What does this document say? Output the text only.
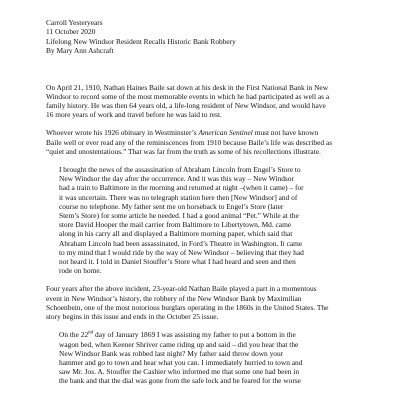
Carroll Yesteryears

11 October 2020

Lifelong New Windsor Resident Recalls Historic Bank Robbery

By Mary Ann Ashcraft

On April 21, 1910, Nathan Haines Baile sat down at his desk in the First National Bank in New
Windsor to record some of the most memorable events in which he had participated as well as a
family history. He was then 64 years old, a life-long resident of New Windsor, and would have
16 more years of work and travel before he was laid to rest.
Whoever wrote his 1926 obituary in Westminster’s American Sentinel must not have known
Baile well or ever read any of the reminiscences from 1910 because Baile’s life was described as
“quiet and unostentatious.” That was far from the truth as some of his recollections illustrate.
I brought the news of the assassination of Abraham Lincoln from Engel’s Store to
New Windsor the day after the occurrence. And it was this way – New Windsor
had a train to Baltimore in the morning and returned at night –(when it came) – for
it was uncertain. There was no telegraph station here then [New Windsor] and of
course no telephone. My father sent me on horseback to Engel’s Store (later
Stem’s Store) for some article he needed. I had a good animal “Pet.” While at the
store David Hooper the mail carrier from Baltimore to Libertytown, Md. came
along in his carry all and displayed a Baltimore morning paper, which said that
Abraham Lincoln had been assassinated, in Ford’s Theatre in Washington. It came
to my mind that I would ride by the way of New Windsor – believing that they had
not heard it. I told in Daniel Stouffer’s Store what I had heard and seen and then
rode on home.
Four years after the above incident, 23-year-old Nathan Baile played a part in a momentous
event in New Windsor’s history, the robbery of the New Windsor Bank by Maximilian
Schoenbein, one of the most notorious burglars operating in the 1860s in the United States. The
story begins in this issue and ends in the October 25 issue.
On the 22nd day of January 1869 I was assisting my father to put a bottom in the
wagon bed, when Keener Shriver came riding up and said – did you hear that the
New Windsor Bank was robbed last night? My father said throw down your
hammer and go to town and hear what you can. I immediately hurried to town and
saw Mr. Jos. A. Stouffer the Cashier who informed me that some one had been in
the bank and that the dial was gone from the safe lock and he feared for the worse
